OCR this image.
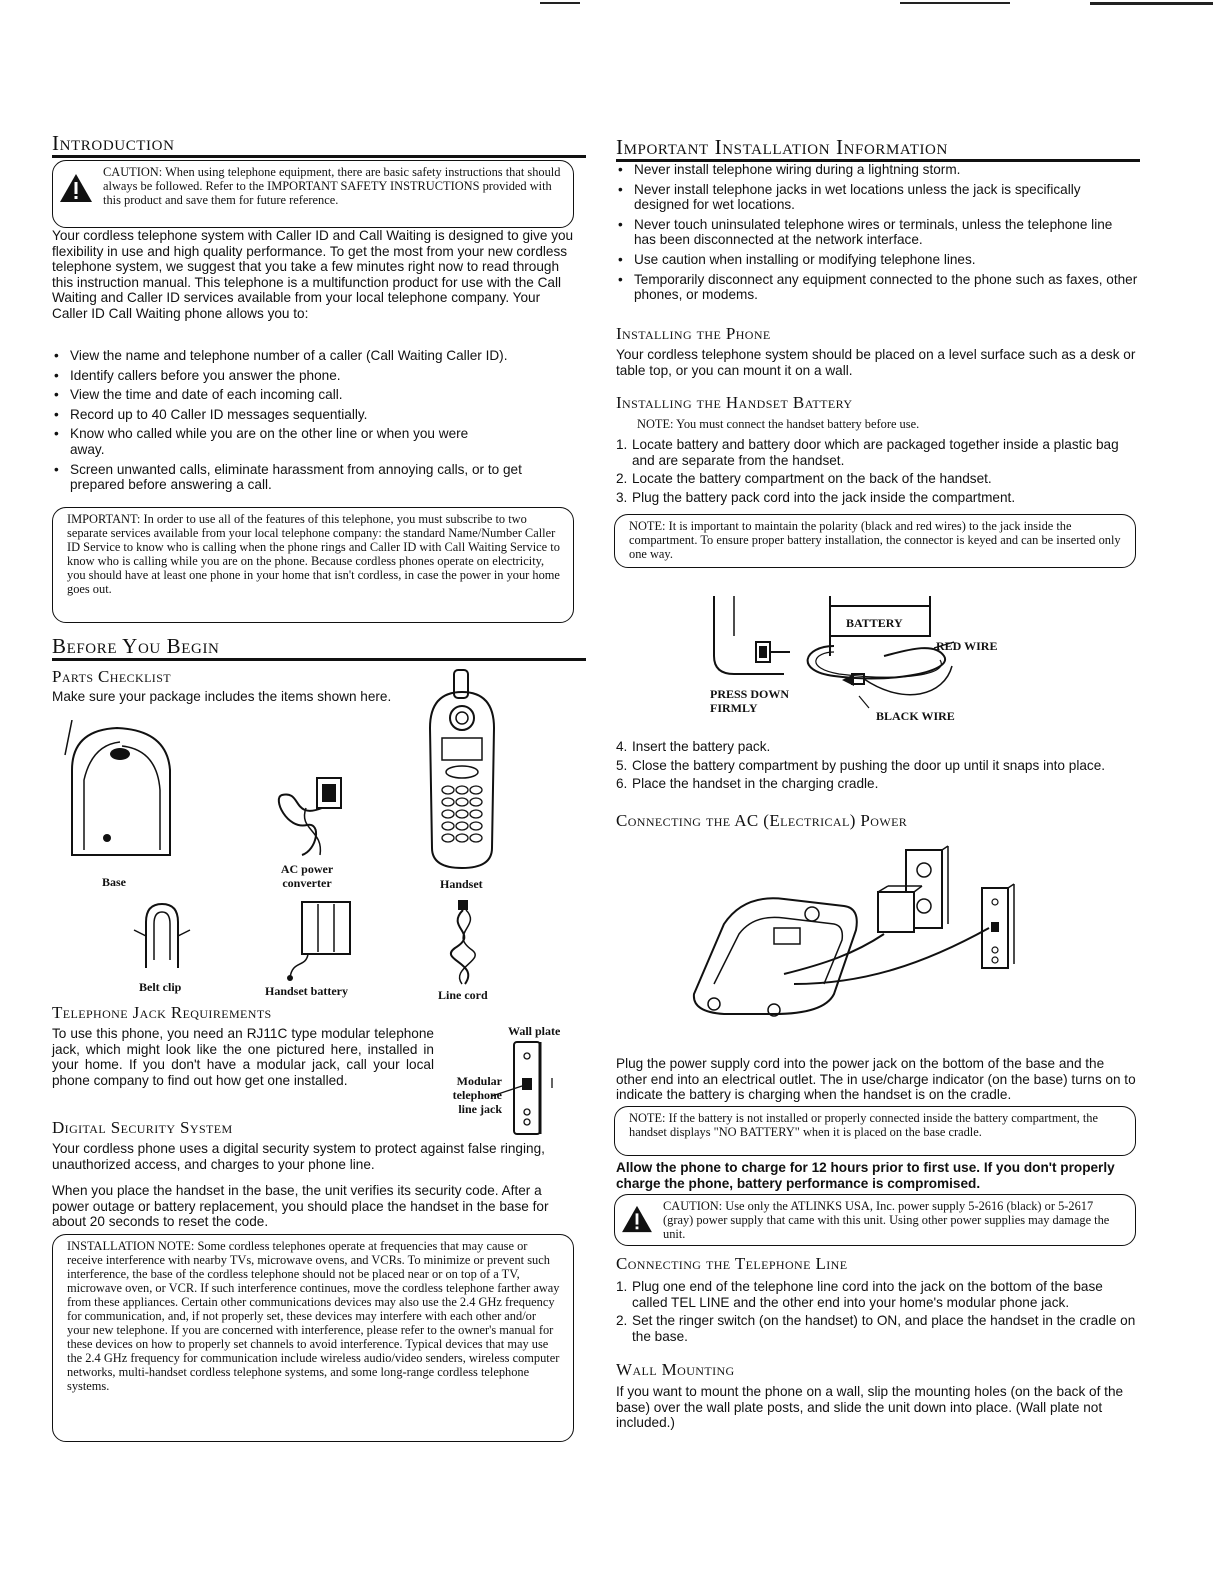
Introduction
CAUTION: When using telephone equipment, there are basic safety instructions that should always be followed. Refer to the IMPORTANT SAFETY INSTRUCTIONS provided with this product and save them for future reference.
Your cordless telephone system with Caller ID and Call Waiting is designed to give you flexibility in use and high quality performance. To get the most from your new cordless telephone system, we suggest that you take a few minutes right now to read through this instruction manual. This telephone is a multifunction product for use with the Call Waiting and Caller ID services available from your local telephone company. Your Caller ID Call Waiting phone allows you to:
• View the name and telephone number of a caller (Call Waiting Caller ID).
• Identify callers before you answer the phone.
• View the time and date of each incoming call.
• Record up to 40 Caller ID messages sequentially.
• Know who called while you are on the other line or when you were away.
• Screen unwanted calls, eliminate harassment from annoying calls, or to get prepared before answering a call.
IMPORTANT: In order to use all of the features of this telephone, you must subscribe to two separate services available from your local telephone company: the standard Name/Number Caller ID Service to know who is calling when the phone rings and Caller ID with Call Waiting Service to know who is calling while you are on the phone. Because cordless phones operate on electricity, you should have at least one phone in your home that isn't cordless, in case the power in your home goes out.
Before You Begin
Parts Checklist
Make sure your package includes the items shown here.
Base
AC power converter	Handset
Belt clip	Handset battery	Line cord
Telephone Jack Requirements
To use this phone, you need an RJ11C type modular telephone jack, which might look like the one pictured here, installed in your home. If you don't have a modular jack, call your local phone company to find out how get one installed.
Wall plate
Modular telephone line jack
Digital Security System
Your cordless phone uses a digital security system to protect against false ringing, unauthorized access, and charges to your phone line.
When you place the handset in the base, the unit verifies its security code. After a power outage or battery replacement, you should place the handset in the base for about 20 seconds to reset the code.
INSTALLATION NOTE: Some cordless telephones operate at frequencies that may cause or receive interference with nearby TVs, microwave ovens, and VCRs. To minimize or prevent such interference, the base of the cordless telephone should not be placed near or on top of a TV, microwave oven, or VCR. If such interference continues, move the cordless telephone farther away from these appliances. Certain other communications devices may also use the 2.4 GHz frequency for communication, and, if not properly set, these devices may interfere with each other and/or your new telephone. If you are concerned with interference, please refer to the owner's manual for these devices on how to properly set channels to avoid interference. Typical devices that may use the 2.4 GHz frequency for communication include wireless audio/video senders, wireless computer networks, multi-handset cordless telephone systems, and some long-range cordless telephone systems.
Important Installation Information
• Never install telephone wiring during a lightning storm.
• Never install telephone jacks in wet locations unless the jack is specifically designed for wet locations.
• Never touch uninsulated telephone wires or terminals, unless the telephone line has been disconnected at the network interface.
• Use caution when installing or modifying telephone lines.
• Temporarily disconnect any equipment connected to the phone such as faxes, other phones, or modems.
Installing the Phone
Your cordless telephone system should be placed on a level surface such as a desk or table top, or you can mount it on a wall.
Installing the Handset Battery
NOTE: You must connect the handset battery before use.
1. Locate battery and battery door which are packaged together inside a plastic bag and are separate from the handset.
2. Locate the battery compartment on the back of the handset.
3. Plug the battery pack cord into the jack inside the compartment.
NOTE: It is important to maintain the polarity (black and red wires) to the jack inside the compartment. To ensure proper battery installation, the connector is keyed and can be inserted only one way.
BATTERY
RED WIRE
PRESS DOWN FIRMLY
BLACK WIRE
4. Insert the battery pack.
5. Close the battery compartment by pushing the door up until it snaps into place.
6. Place the handset in the charging cradle.
Connecting the AC (Electrical) Power
Plug the power supply cord into the power jack on the bottom of the base and the other end into an electrical outlet. The in use/charge indicator (on the base) turns on to indicate the battery is charging when the handset is on the cradle.
NOTE: If the battery is not installed or properly connected inside the battery compartment, the handset displays "NO BATTERY" when it is placed on the base cradle.
Allow the phone to charge for 12 hours prior to first use. If you don't properly charge the phone, battery performance is compromised.
CAUTION: Use only the ATLINKS USA, Inc. power supply 5-2616 (black) or 5-2617 (gray) power supply that came with this unit. Using other power supplies may damage the unit.
Connecting the Telephone Line
1. Plug one end of the telephone line cord into the jack on the bottom of the base called TEL LINE and the other end into your home's modular phone jack.
2. Set the ringer switch (on the handset) to ON, and place the handset in the cradle on the base.
Wall Mounting
If you want to mount the phone on a wall, slip the mounting holes (on the back of the base) over the wall plate posts, and slide the unit down into place. (Wall plate not included.)
